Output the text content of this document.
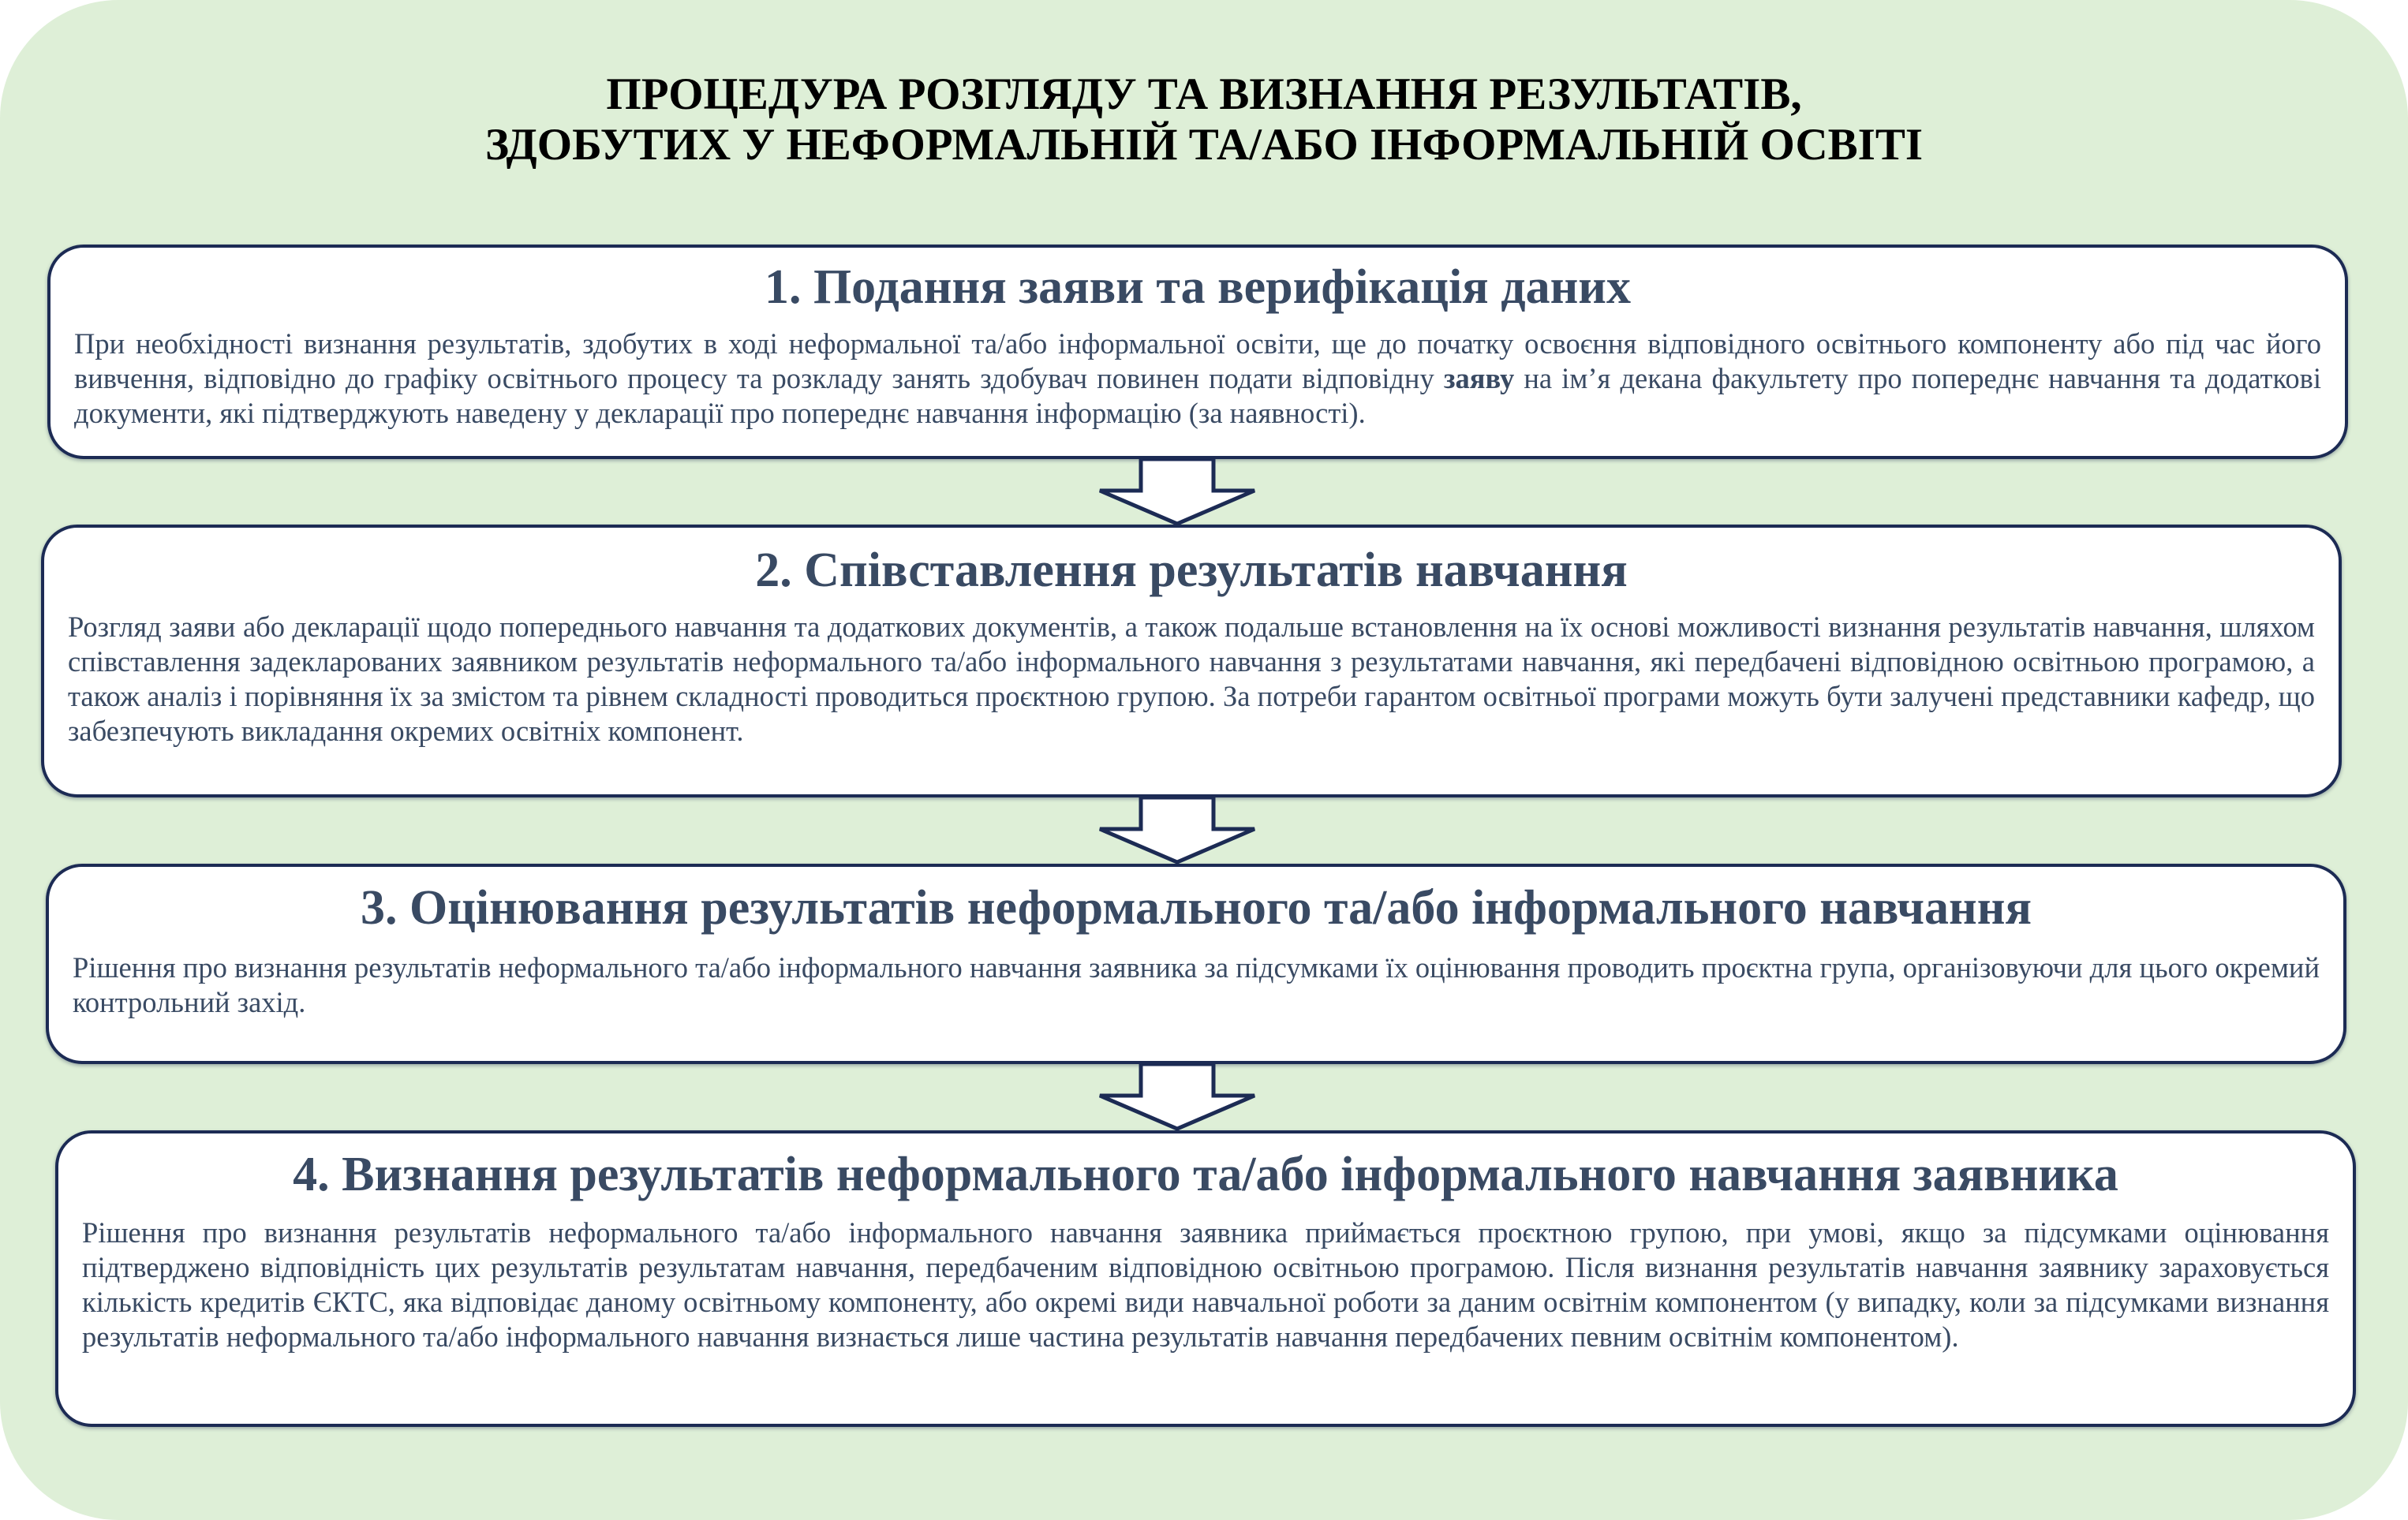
ПРОЦЕДУРА РОЗГЛЯДУ ТА ВИЗНАННЯ РЕЗУЛЬТАТІВ,
ЗДОБУТИХ У НЕФОРМАЛЬНІЙ ТА/АБО ІНФОРМАЛЬНІЙ ОСВІТІ
1. Подання заяви та верифікація даних

При необхідності визнання результатів, здобутих в ході неформальної та/або інформальної освіти, ще до початку освоєння відповідного освітнього компоненту або під час його вивчення, відповідно до графіку освітнього процесу та розкладу занять здобувач повинен подати відповідну заяву на ім’я декана факультету про попереднє навчання та додаткові документи, які підтверджують наведену у декларації про попереднє навчання інформацію (за наявності).

2. Співставлення результатів навчання

Розгляд заяви або декларації щодо попереднього навчання та додаткових документів, а також подальше встановлення на їх основі можливості визнання результатів навчання, шляхом співставлення задекларованих заявником результатів неформального та/або інформального навчання з результатами навчання, які передбачені відповідною освітньою програмою, а також аналіз і порівняння їх за змістом та рівнем складності проводиться проєктною групою. За потреби гарантом освітньої програми можуть бути залучені представники кафедр, що забезпечують викладання окремих освітніх компонент.

3. Оцінювання результатів неформального та/або інформального навчання

Рішення про визнання результатів неформального та/або інформального навчання заявника за підсумками їх оцінювання проводить проєктна група, організовуючи для цього окремий контрольний захід.

4. Визнання результатів неформального та/або інформального навчання заявника

Рішення про визнання результатів неформального та/або інформального навчання заявника приймається проєктною групою, при умові, якщо за підсумками оцінювання підтверджено відповідність цих результатів результатам навчання, передбаченим відповідною освітньою програмою. Після визнання результатів навчання заявнику зараховується кількість кредитів ЄКТС, яка відповідає даному освітньому компоненту, або окремі види навчальної роботи за даним освітнім компонентом (у випадку, коли за підсумками визнання результатів неформального та/або інформального навчання визнається лише частина результатів навчання передбачених певним освітнім компонентом).
